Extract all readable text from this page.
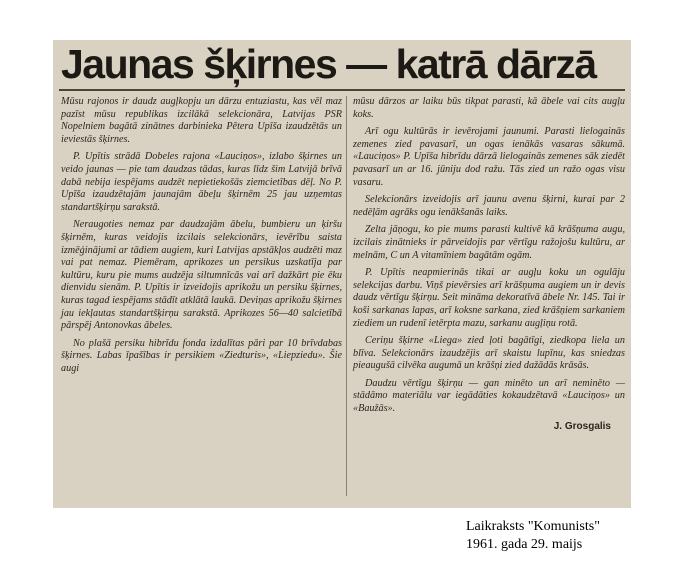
Jaunas šķirnes — katrā dārzā

Mūsu rajonos ir daudz augļkopju un dārzu entuziastu, kas vēl maz pazīst mūsu republikas izcilākā selekcionāra, Latvijas PSR Nopelniem bagātā zinātnes darbinieka Pētera Upīša izaudzētās un ieviestās šķirnes.

P. Upītis strādā Dobeles rajona «Lauciņos», izlabo šķirnes un veido jaunas — pie tam daudzas tādas, kuras līdz šim Latvijā brīvā dabā nebija iespējams audzēt nepietiekošās ziemcietības dēļ. No P. Upīša izaudzētajām jaunajām ābeļu šķirnēm 25 jau uzņemtas standartšķirņu sarakstā.

Neraugoties nemaz par daudzajām ābelu, bumbieru un ķiršu šķirnēm, kuras veidojis izcilais selekcionārs, ievērību saista izmēģinājumi ar tādiem augiem, kuri Latvijas apstākļos audzēti maz vai pat nemaz. Piemēram, aprikozes un persikus uzskatīja par kultūru, kuru pie mums audzēja siltumnīcās vai arī dažkārt pie ēku dienvidu sienām. P. Upītis ir izveidojis aprikožu un persiku šķirnes, kuras tagad iespējams stādīt atklātā laukā. Deviņas aprikožu šķirnes jau iekļautas standartšķirņu sarakstā. Aprikozes 56—40 salcietībā pārspēj Antonovkas ābeles.

No plašā persiku hibrīdu fonda izdalītas pāri par 10 brīvdabas šķirnes. Labas īpašības ir persikiem «Ziedturis», «Liepziedu». Šie augi

mūsu dārzos ar laiku būs tikpat parasti, kā ābele vai cits augļu koks.

Arī ogu kultūrās ir ievērojami jaunumi. Parasti lielogainās zemenes zied pavasarī, un ogas ienākās vasaras sākumā. «Lauciņos» P. Upīša hibrīdu dārzā lielogainās zemenes sāk ziedēt pavasarī un ar 16. jūniju dod ražu. Tās zied un ražo ogas visu vasaru.

Selekcionārs izveidojis arī jaunu avenu šķirni, kurai par 2 nedēļām agrāks ogu ienākšanās laiks.

Zelta jāņogu, ko pie mums parasti kultivē kā krāšņuma augu, izcilais zinātnieks ir pārveidojis par vērtīgu ražojošu kultūru, ar melnām, C un A vitamīniem bagātām ogām.

P. Upītis neapmierinās tikai ar augļu koku un ogulāju selekcijas darbu. Viņš pievērsies arī krāšņuma augiem un ir devis daudz vērtīgu šķirņu. Seit mināma dekoratīvā ābele Nr. 145. Tai ir koši sarkanas lapas, arī koksne sarkana, zied krāšņiem sarkaniem ziediem un rudenī ietērpta mazu, sarkanu augļiņu rotā.

Ceriņu šķirne «Liega» zied ļoti bagātīgi, ziedkopa liela un blīva. Selekcionārs izaudzējis arī skaistu lupīnu, kas sniedzas pieaugušā cilvēka augumā un krāšņi zied dažādās krāsās.

Daudzu vērtīgu šķirņu — gan minēto un arī neminēto — stādāmo materiālu var iegādāties kokaudzētavā «Lauciņos» un «Baužās».

J. Grosgalis
Laikraksts "Komunists"
1961. gada 29. maijs
